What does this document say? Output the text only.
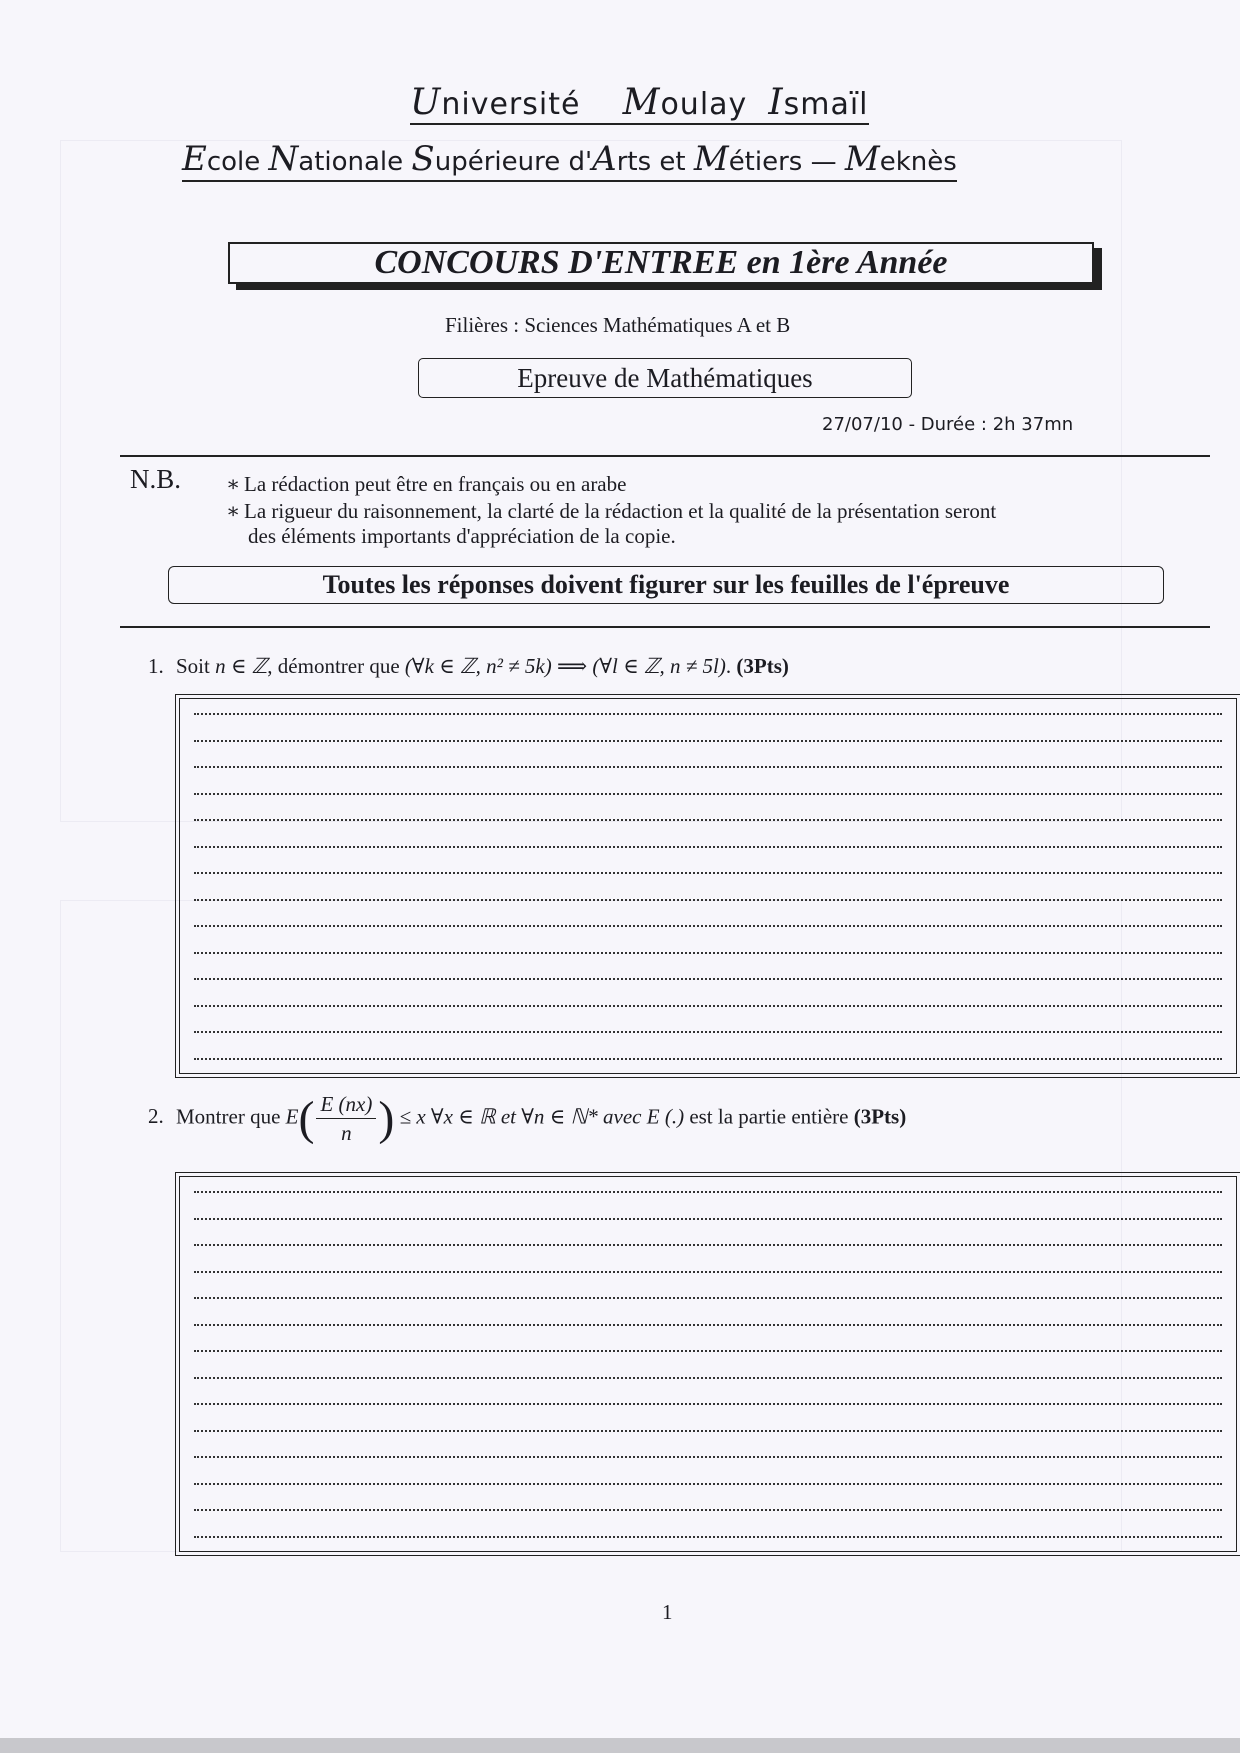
Université Moulay Ismaïl
Ecole Nationale Supérieure d'Arts et Métiers — Meknès
CONCOURS D'ENTREE en 1ère Année
Filières : Sciences Mathématiques A et B
Epreuve de Mathématiques
27/07/10 - Durée : 2h 37mn
N.B. ∗ La rédaction peut être en français ou en arabe
∗ La rigueur du raisonnement, la clarté de la rédaction et la qualité de la présentation seront
des éléments importants d'appréciation de la copie.
Toutes les réponses doivent figurer sur les feuilles de l'épreuve
1. Soit n ∈ ℤ, démontrer que (∀k ∈ ℤ, n² ≠ 5k) ⟹ (∀l ∈ ℤ, n ≠ 5l). (3Pts)
2. Montrer que $E( \frac{E (nx)}{n}$ ) ≤ x ∀x ∈ ℝ et ∀n ∈ ℕ* avec E (.) est la partie entière (3Pts)
1
